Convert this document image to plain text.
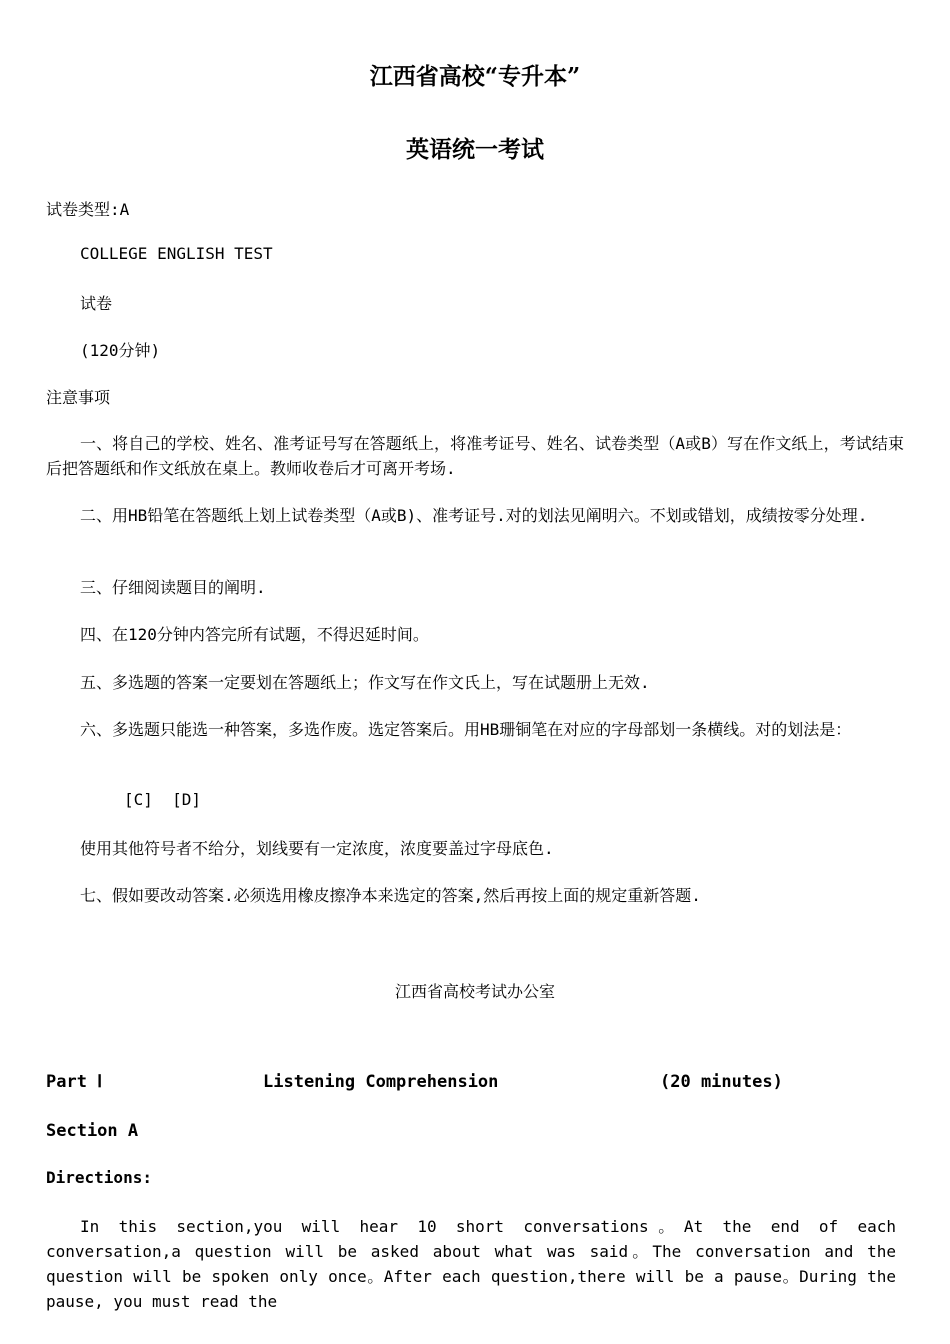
江西省高校“专升本”
英语统一考试
试卷类型:A
COLLEGE ENGLISH TEST
试卷
(120分钟)
注意事项
一、将自己的学校、姓名、准考证号写在答题纸上，将准考证号、姓名、试卷类型（A或B）写在作文纸上，考试结束后把答题纸和作文纸放在桌上。教师收卷后才可离开考场.
二、用HB铅笔在答题纸上划上试卷类型（A或B)、准考证号.对的划法见阐明六。不划或错划，成绩按零分处理.
三、仔细阅读题目的阐明.
四、在120分钟内答完所有试题，不得迟延时间。
五、多选题的答案一定要划在答题纸上；作文写在作文氏上，写在试题册上无效.
六、多选题只能选一种答案，多选作废。选定答案后。用HB珊铜笔在对应的字母部划一条横线。对的划法是：
[C]  [D]
使用其他符号者不给分，划线要有一定浓度，浓度要盖过字母底色.
七、假如要改动答案.必须选用橡皮擦净本来选定的答案,然后再按上面的规定重新答题.
江西省高校考试办公室
Part Ⅰ	Listening Comprehension	(20 minutes)
Section A
Directions:
In this section,you will hear 10 short conversations。At the end of each conversation,a question will be asked about what was said。The conversation and the question will be spoken only once。After each question,there will be a pause。During the pause, you must read the
